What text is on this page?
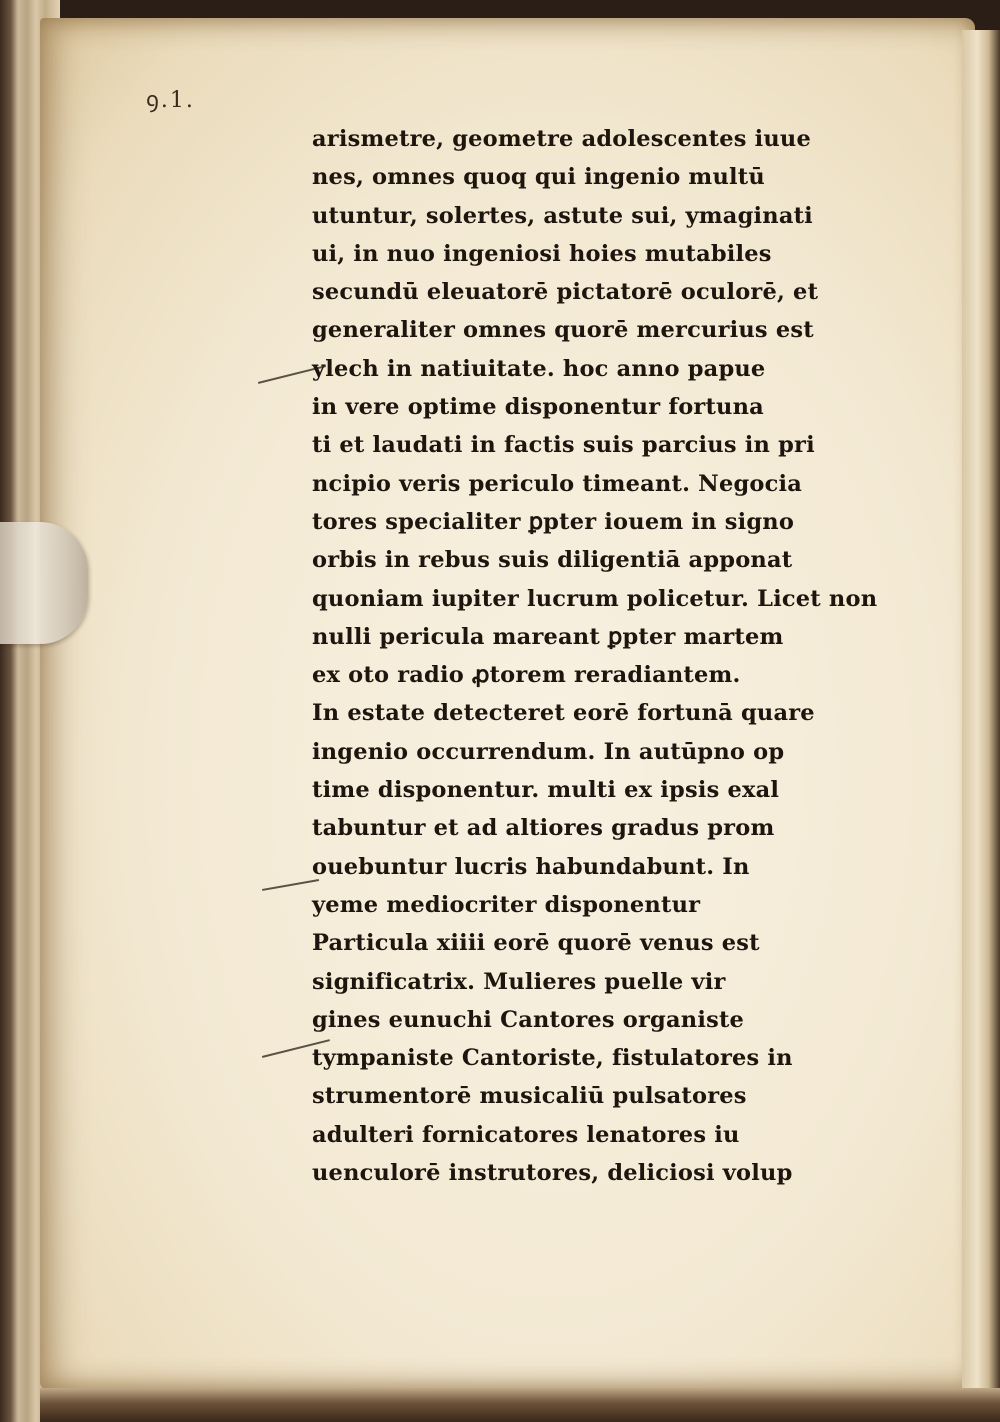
ꝯ.1.
arismetre, geometre adolescentes iuue
nes, omnes quoq qui ingenio multū
utuntur, solertes, astute sui, ymaginati
ui, in nuo ingeniosi hoies mutabiles
secundū eleuatorē pictatorē oculorē, et
generaliter omnes quorē mercurius est
ylech in natiuitate. hoc anno papue
in vere optime disponentur fortuna
ti et laudati in factis suis parcius in pri
ncipio veris periculo timeant. Negocia
tores specialiter ꝑpter iouem in signo
orbis in rebus suis diligentiā apponat
quoniam iupiter lucrum policetur. Licet non
nulli pericula mareant ꝑpter martem
ex oto radio ꝓtorem reradiantem.
In estate detecteret eorē fortunā quare
ingenio occurrendum. In autūpno op
time disponentur. multi ex ipsis exal
tabuntur et ad altiores gradus prom
ouebuntur lucris habundabunt. In
yeme mediocriter disponentur
Particula xiiii eorē quorē venus est
significatrix. Mulieres puelle vir
gines eunuchi Cantores organiste
tympaniste Cantoriste, fistulatores in
strumentorē musicaliū pulsatores
adulteri fornicatores lenatores iu
uenculorē instrutores, deliciosi volup
